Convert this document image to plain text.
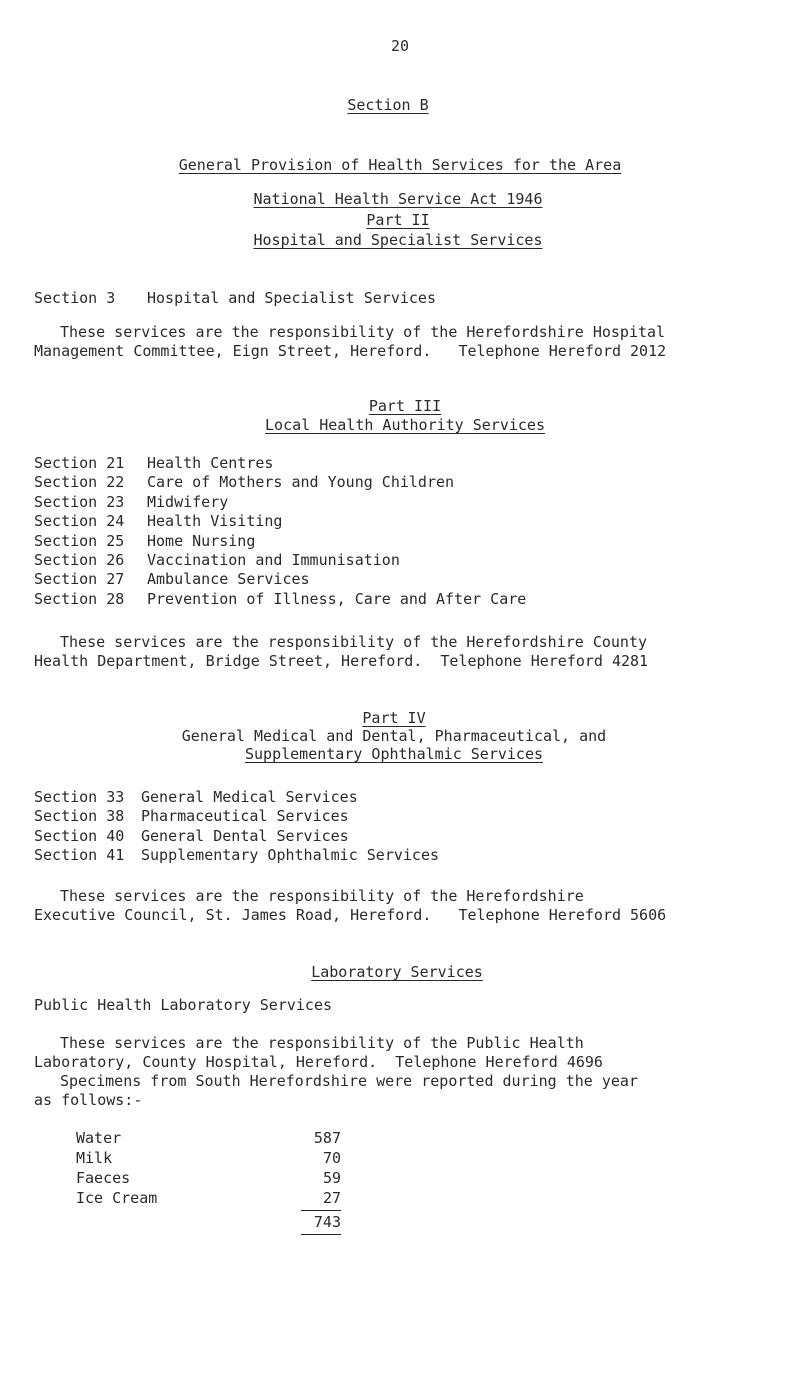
20
Section B
General Provision of Health Services for the Area
National Health Service Act 1946
Part II
Hospital and Specialist Services
Section 3 Hospital and Specialist Services
These services are the responsibility of the Herefordshire Hospital
Management Committee, Eign Street, Hereford.   Telephone Hereford 2012
Part III
Local Health Authority Services
Section 21 Health Centres
Section 22 Care of Mothers and Young Children
Section 23 Midwifery
Section 24 Health Visiting
Section 25 Home Nursing
Section 26 Vaccination and Immunisation
Section 27 Ambulance Services
Section 28 Prevention of Illness, Care and After Care
These services are the responsibility of the Herefordshire County
Health Department, Bridge Street, Hereford.  Telephone Hereford 4281
Part IV
General Medical and Dental, Pharmaceutical, and
Supplementary Ophthalmic Services
Section 33 General Medical Services
Section 38 Pharmaceutical Services
Section 40 General Dental Services
Section 41 Supplementary Ophthalmic Services
These services are the responsibility of the Herefordshire
Executive Council, St. James Road, Hereford.   Telephone Hereford 5606
Laboratory Services
Public Health Laboratory Services
These services are the responsibility of the Public Health
Laboratory, County Hospital, Hereford.  Telephone Hereford 4696
Specimens from South Herefordshire were reported during the year
as follows:-
Water	587
Milk	70
Faeces	59
Ice Cream	27
743
